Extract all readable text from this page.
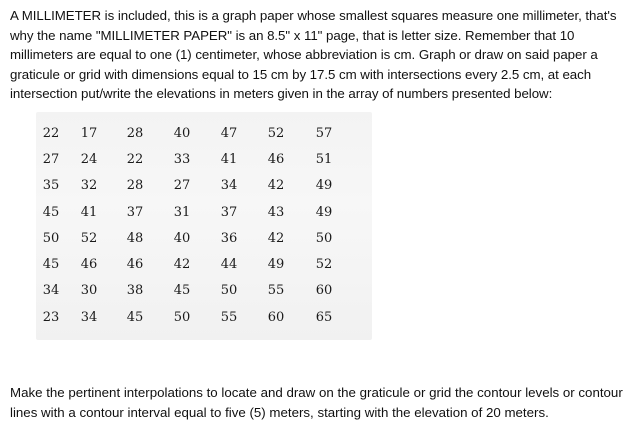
A MILLIMETER is included, this is a graph paper whose smallest squares measure one millimeter, that's why the name "MILLIMETER PAPER" is an 8.5" x 11" page, that is letter size. Remember that 10 millimeters are equal to one (1) centimeter, whose abbreviation is cm. Graph or draw on said paper a graticule or grid with dimensions equal to 15 cm by 17.5 cm with intersections every 2.5 cm, at each intersection put/write the elevations in meters given in the array of numbers presented below:

22	17	28	40	47	52	57
27	24	22	33	41	46	51
35	32	28	27	34	42	49
45	41	37	31	37	43	49
50	52	48	40	36	42	50
45	46	46	42	44	49	52
34	30	38	45	50	55	60
23	34	45	50	55	60	65

Make the pertinent interpolations to locate and draw on the graticule or grid the contour levels or contour lines with a contour interval equal to five (5) meters, starting with the elevation of 20 meters.
